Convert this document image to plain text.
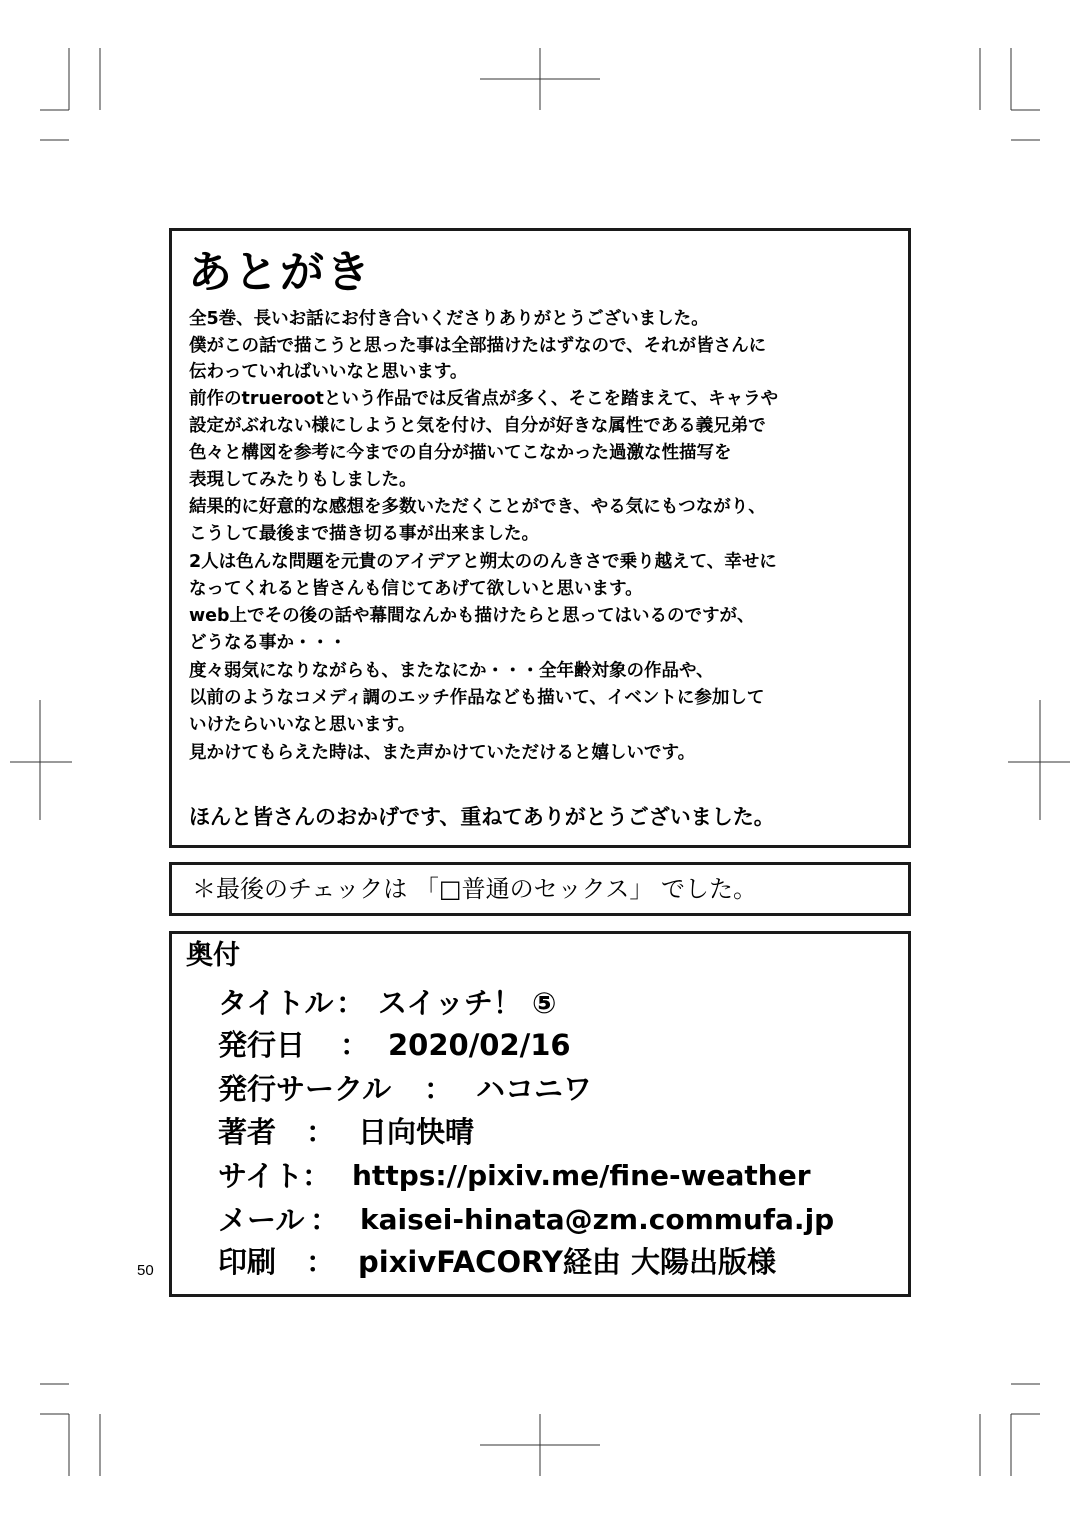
あとがき
全5巻、長いお話にお付き合いくださりありがとうございました。
僕がこの話で描こうと思った事は全部描けたはずなので、それが皆さんに
伝わっていればいいなと思います。
前作のtruerootという作品では反省点が多く、そこを踏まえて、キャラや
設定がぶれない様にしようと気を付け、自分が好きな属性である義兄弟で
色々と構図を参考に今までの自分が描いてこなかった過激な性描写を
表現してみたりもしました。
結果的に好意的な感想を多数いただくことができ、やる気にもつながり、
こうして最後まで描き切る事が出来ました。
2人は色んな問題を元貴のアイデアと朔太ののんきさで乗り越えて、幸せに
なってくれると皆さんも信じてあげて欲しいと思います。
web上でその後の話や幕間なんかも描けたらと思ってはいるのですが、
どうなる事か・・・
度々弱気になりながらも、またなにか・・・全年齢対象の作品や、
以前のようなコメディ調のエッチ作品なども描いて、イベントに参加して
いけたらいいなと思います。
見かけてもらえた時は、また声かけていただけると嬉しいです。
ほんと皆さんのおかげです、重ねてありがとうございました。
＊最後のチェックは 「□普通のセックス」 でした。
奥付
タイトル ： スイッチ！ ⑤
発行日 ： 2020/02/16
発行サークル ： ハコニワ
著者 ： 日向快晴
サイト ： https://pixiv.me/fine-weather
メール ： kaisei-hinata@zm.commufa.jp
印刷 ： pixivFACORY経由 大陽出版様
50
